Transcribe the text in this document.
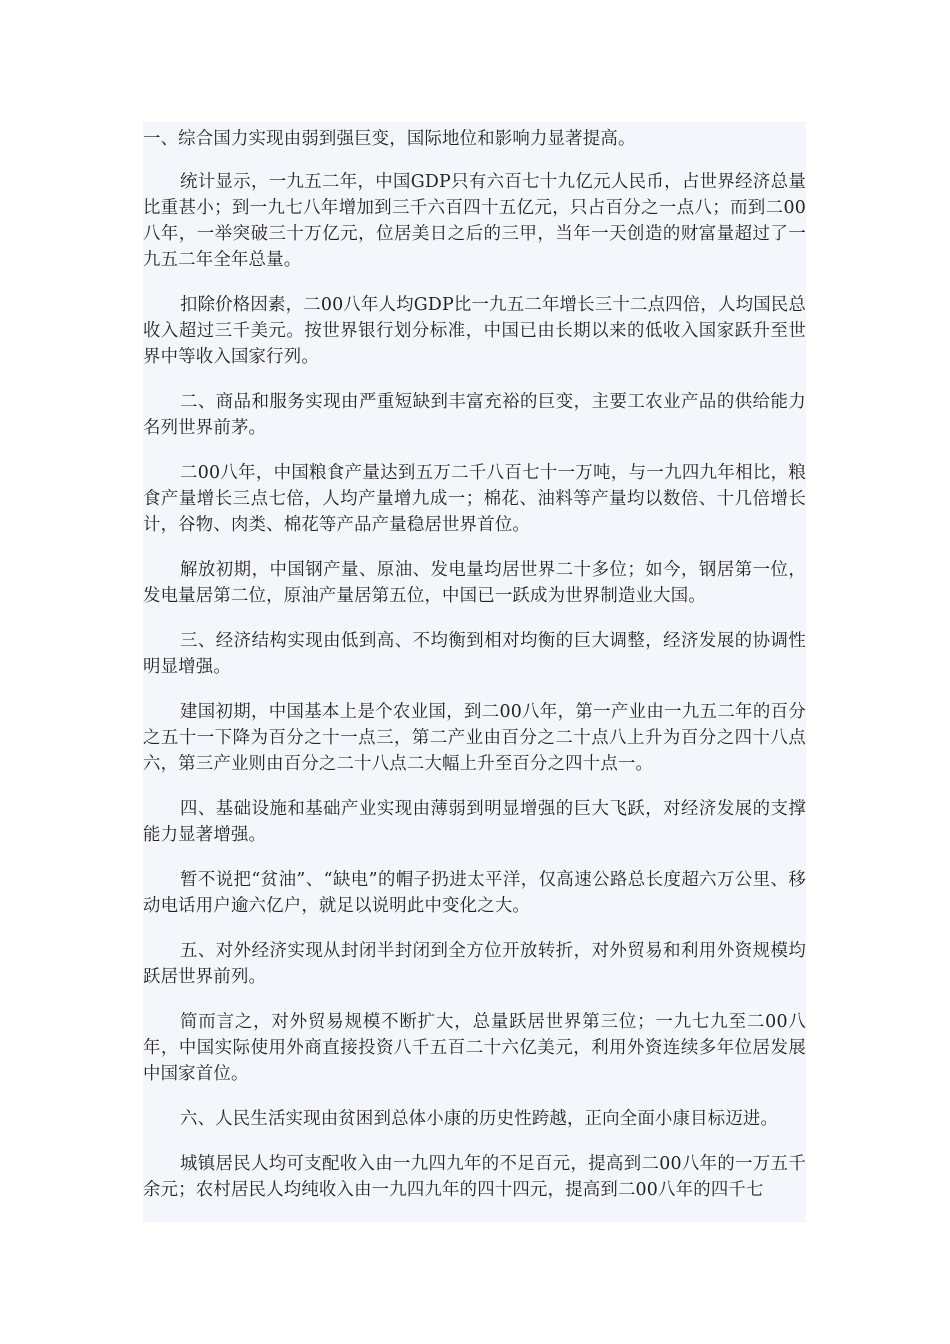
一、综合国力实现由弱到强巨变，国际地位和影响力显著提高。

统计显示，一九五二年，中国GDP只有六百七十九亿元人民币，占世界经济总量比重甚小；到一九七八年增加到三千六百四十五亿元，只占百分之一点八；而到二00八年，一举突破三十万亿元，位居美日之后的三甲，当年一天创造的财富量超过了一九五二年全年总量。

扣除价格因素，二00八年人均GDP比一九五二年增长三十二点四倍，人均国民总收入超过三千美元。按世界银行划分标准，中国已由长期以来的低收入国家跃升至世界中等收入国家行列。

二、商品和服务实现由严重短缺到丰富充裕的巨变，主要工农业产品的供给能力名列世界前茅。

二00八年，中国粮食产量达到五万二千八百七十一万吨，与一九四九年相比，粮食产量增长三点七倍，人均产量增九成一；棉花、油料等产量均以数倍、十几倍增长计，谷物、肉类、棉花等产品产量稳居世界首位。

解放初期，中国钢产量、原油、发电量均居世界二十多位；如今，钢居第一位，发电量居第二位，原油产量居第五位，中国已一跃成为世界制造业大国。

三、经济结构实现由低到高、不均衡到相对均衡的巨大调整，经济发展的协调性明显增强。

建国初期，中国基本上是个农业国，到二00八年，第一产业由一九五二年的百分之五十一下降为百分之十一点三，第二产业由百分之二十点八上升为百分之四十八点六，第三产业则由百分之二十八点二大幅上升至百分之四十点一。

四、基础设施和基础产业实现由薄弱到明显增强的巨大飞跃，对经济发展的支撑能力显著增强。

暂不说把“贫油”、“缺电”的帽子扔进太平洋，仅高速公路总长度超六万公里、移动电话用户逾六亿户，就足以说明此中变化之大。

五、对外经济实现从封闭半封闭到全方位开放转折，对外贸易和利用外资规模均跃居世界前列。

简而言之，对外贸易规模不断扩大，总量跃居世界第三位；一九七九至二00八年，中国实际使用外商直接投资八千五百二十六亿美元，利用外资连续多年位居发展中国家首位。

六、人民生活实现由贫困到总体小康的历史性跨越，正向全面小康目标迈进。

城镇居民人均可支配收入由一九四九年的不足百元，提高到二00八年的一万五千余元；农村居民人均纯收入由一九四九年的四十四元，提高到二00八年的四千七
